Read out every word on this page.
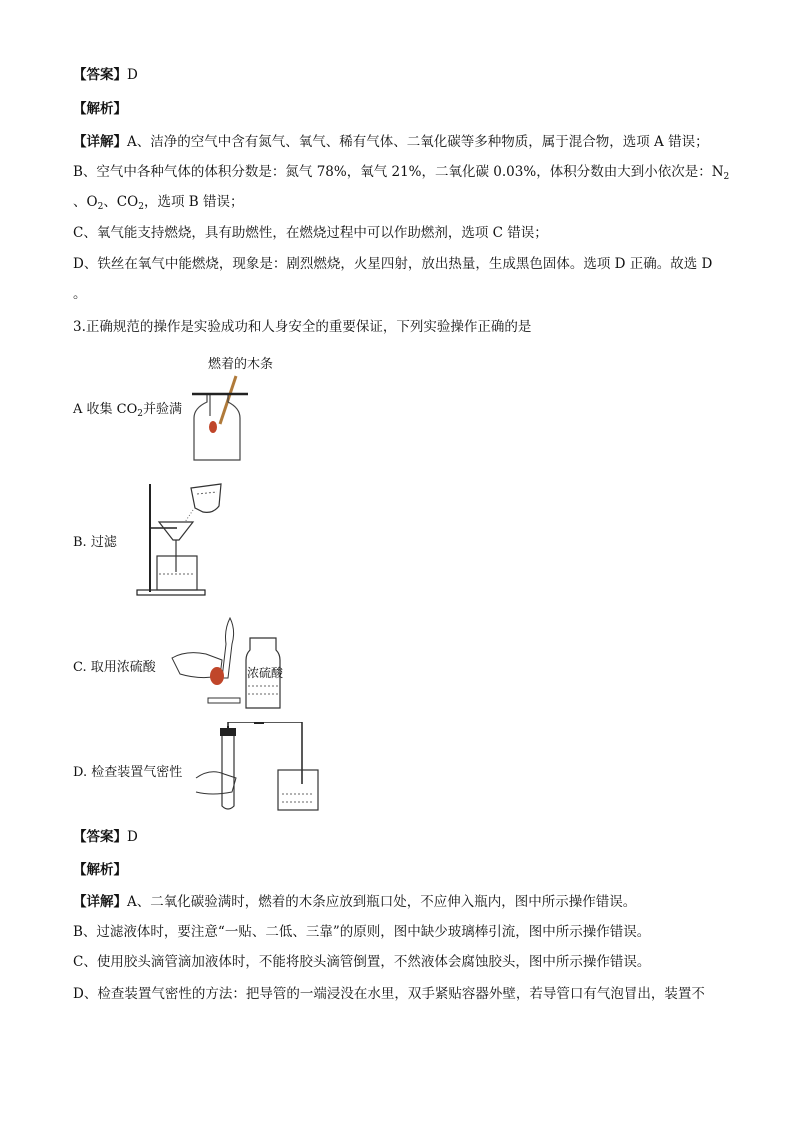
【答案】D
【解析】
【详解】A、洁净的空气中含有氮气、氧气、稀有气体、二氧化碳等多种物质，属于混合物，选项 A 错误；
B、空气中各种气体的体积分数是：氮气 78%，氧气 21%，二氧化碳 0.03%，体积分数由大到小依次是：$N_2$
、$O_2$、$CO_2$，选项 B 错误；
C、氧气能支持燃烧，具有助燃性，在燃烧过程中可以作助燃剂，选项 C 错误；
D、铁丝在氧气中能燃烧，现象是：剧烈燃烧，火星四射，放出热量，生成黑色固体。选项 D 正确。故选 D
。
3.正确规范的操作是实验成功和人身安全的重要保证，下列实验操作正确的是
燃着的木条
A 收集 $CO_2$并验满
B. 过滤
C. 取用浓硫酸	浓硫酸
D. 检查装置气密性
【答案】D
【解析】
【详解】A、二氧化碳验满时，燃着的木条应放到瓶口处，不应伸入瓶内，图中所示操作错误。
B、过滤液体时，要注意“一贴、二低、三靠”的原则，图中缺少玻璃棒引流，图中所示操作错误。
C、使用胶头滴管滴加液体时，不能将胶头滴管倒置，不然液体会腐蚀胶头，图中所示操作错误。
D、检查装置气密性的方法：把导管的一端浸没在水里，双手紧贴容器外壁，若导管口有气泡冒出，装置不
